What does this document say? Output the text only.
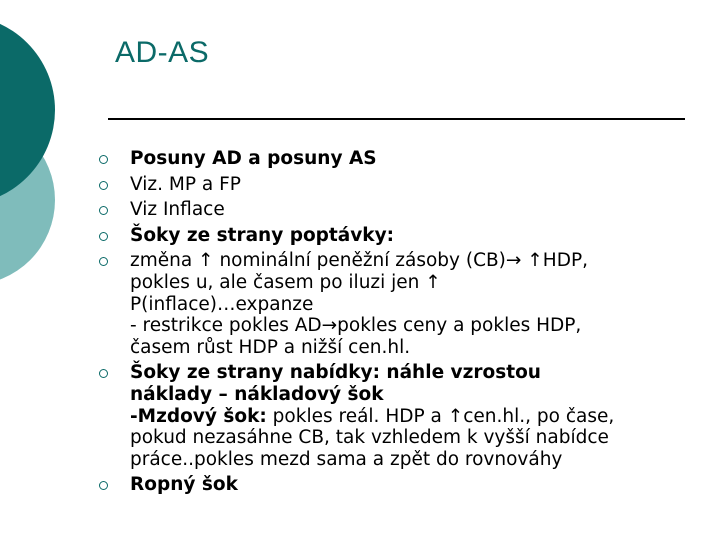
AD-AS
Posuny AD a posuny AS
Viz. MP a FP
Viz Inflace
Šoky ze strany poptávky:
změna ↑ nominální peněžní zásoby (CB)→ ↑HDP,
pokles u, ale časem po iluzi jen ↑
P(inflace)…expanze
- restrikce pokles AD→pokles ceny a pokles HDP,
časem růst HDP a nižší cen.hl.
Šoky ze strany nabídky: náhle vzrostou
náklady – nákladový šok
-Mzdový šok: pokles reál. HDP a ↑cen.hl., po čase,
pokud nezasáhne CB, tak vzhledem k vyšší nabídce
práce..pokles mezd sama a zpět do rovnováhy
Ropný šok
